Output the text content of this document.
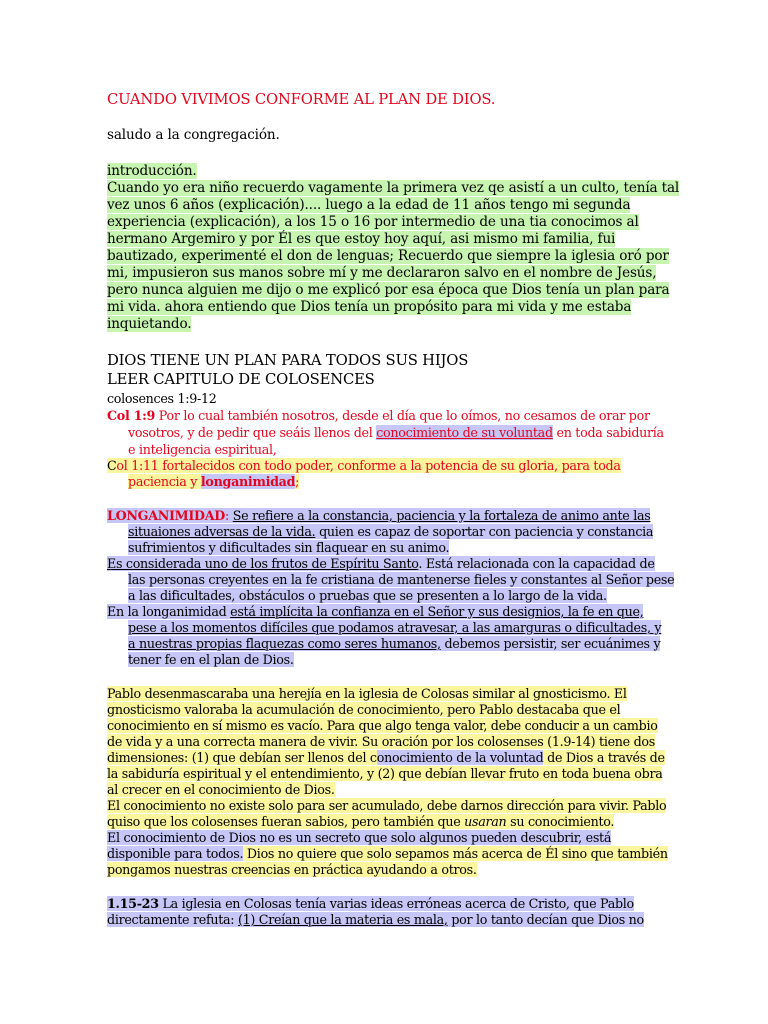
CUANDO VIVIMOS CONFORME AL PLAN DE DIOS.
saludo a la congregación.
introducción.
Cuando yo era niño recuerdo vagamente la primera vez qe asistí a un culto, tenía tal
vez unos 6 años (explicación).... luego a la edad de 11 años tengo mi segunda
experiencia (explicación), a los 15 o 16 por intermedio de una tia conocimos al
hermano Argemiro y por Él es que estoy hoy aquí, asi mismo mi familia, fui
bautizado, experimenté el don de lenguas; Recuerdo que siempre la iglesia oró por
mi, impusieron sus manos sobre mí y me declararon salvo en el nombre de Jesús,
pero nunca alguien me dijo o me explicó por esa época que Dios tenía un plan para
mi vida. ahora entiendo que Dios tenía un propósito para mi vida y me estaba
inquietando.
DIOS TIENE UN PLAN PARA TODOS SUS HIJOS
LEER CAPITULO DE COLOSENCES
colosences 1:9-12
Col 1:9 Por lo cual también nosotros, desde el día que lo oímos, no cesamos de orar por
vosotros, y de pedir que seáis llenos del conocimiento de su voluntad en toda sabiduría
e inteligencia espiritual,
Col 1:11 fortalecidos con todo poder, conforme a la potencia de su gloria, para toda
paciencia y longanimidad;
LONGANIMIDAD: Se refiere a la constancia, paciencia y la fortaleza de animo ante las
situaiones adversas de la vida. quien es capaz de soportar con paciencia y constancia
sufrimientos y dificultades sin flaquear en su animo.
Es considerada uno de los frutos de Espíritu Santo. Está relacionada con la capacidad de
las personas creyentes en la fe cristiana de mantenerse fieles y constantes al Señor pese
a las dificultades, obstáculos o pruebas que se presenten a lo largo de la vida.
En la longanimidad está implícita la confianza en el Señor y sus designios, la fe en que,
pese a los momentos difíciles que podamos atravesar, a las amarguras o dificultades, y
a nuestras propias flaquezas como seres humanos, debemos persistir, ser ecuánimes y
tener fe en el plan de Dios.
Pablo desenmascaraba una herejía en la iglesia de Colosas similar al gnosticismo. El
gnosticismo valoraba la acumulación de conocimiento, pero Pablo destacaba que el
conocimiento en sí mismo es vacío. Para que algo tenga valor, debe conducir a un cambio
de vida y a una correcta manera de vivir. Su oración por los colosenses (1.9-14) tiene dos
dimensiones: (1) que debían ser llenos del conocimiento de la voluntad de Dios a través de
la sabiduría espiritual y el entendimiento, y (2) que debían llevar fruto en toda buena obra
al crecer en el conocimiento de Dios.
El conocimiento no existe solo para ser acumulado, debe darnos dirección para vivir. Pablo
quiso que los colosenses fueran sabios, pero también que usaran su conocimiento.
El conocimiento de Dios no es un secreto que solo algunos pueden descubrir, está
disponible para todos. Dios no quiere que solo sepamos más acerca de Él sino que también
pongamos nuestras creencias en práctica ayudando a otros.
1.15-23 La iglesia en Colosas tenía varias ideas erróneas acerca de Cristo, que Pablo
directamente refuta: (1) Creían que la materia es mala, por lo tanto decían que Dios no
